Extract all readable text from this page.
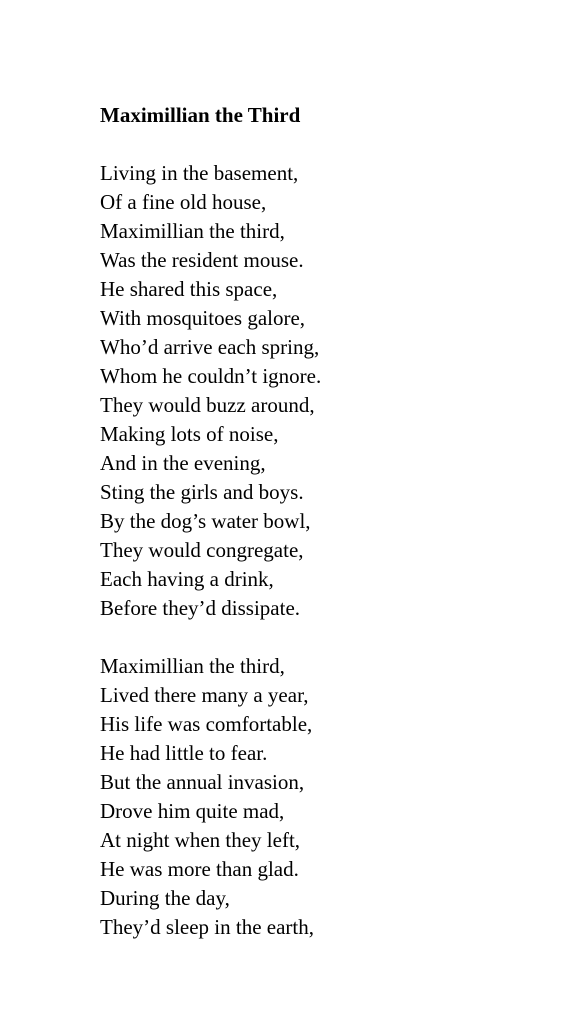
Maximillian the Third
Living in the basement,
Of a fine old house,
Maximillian the third,
Was the resident mouse.
He shared this space,
With mosquitoes galore,
Who’d arrive each spring,
Whom he couldn’t ignore.
They would buzz around,
Making lots of noise,
And in the evening,
Sting the girls and boys.
By the dog’s water bowl,
They would congregate,
Each having a drink,
Before they’d dissipate.
Maximillian the third,
Lived there many a year,
His life was comfortable,
He had little to fear.
But the annual invasion,
Drove him quite mad,
At night when they left,
He was more than glad.
During the day,
They’d sleep in the earth,
